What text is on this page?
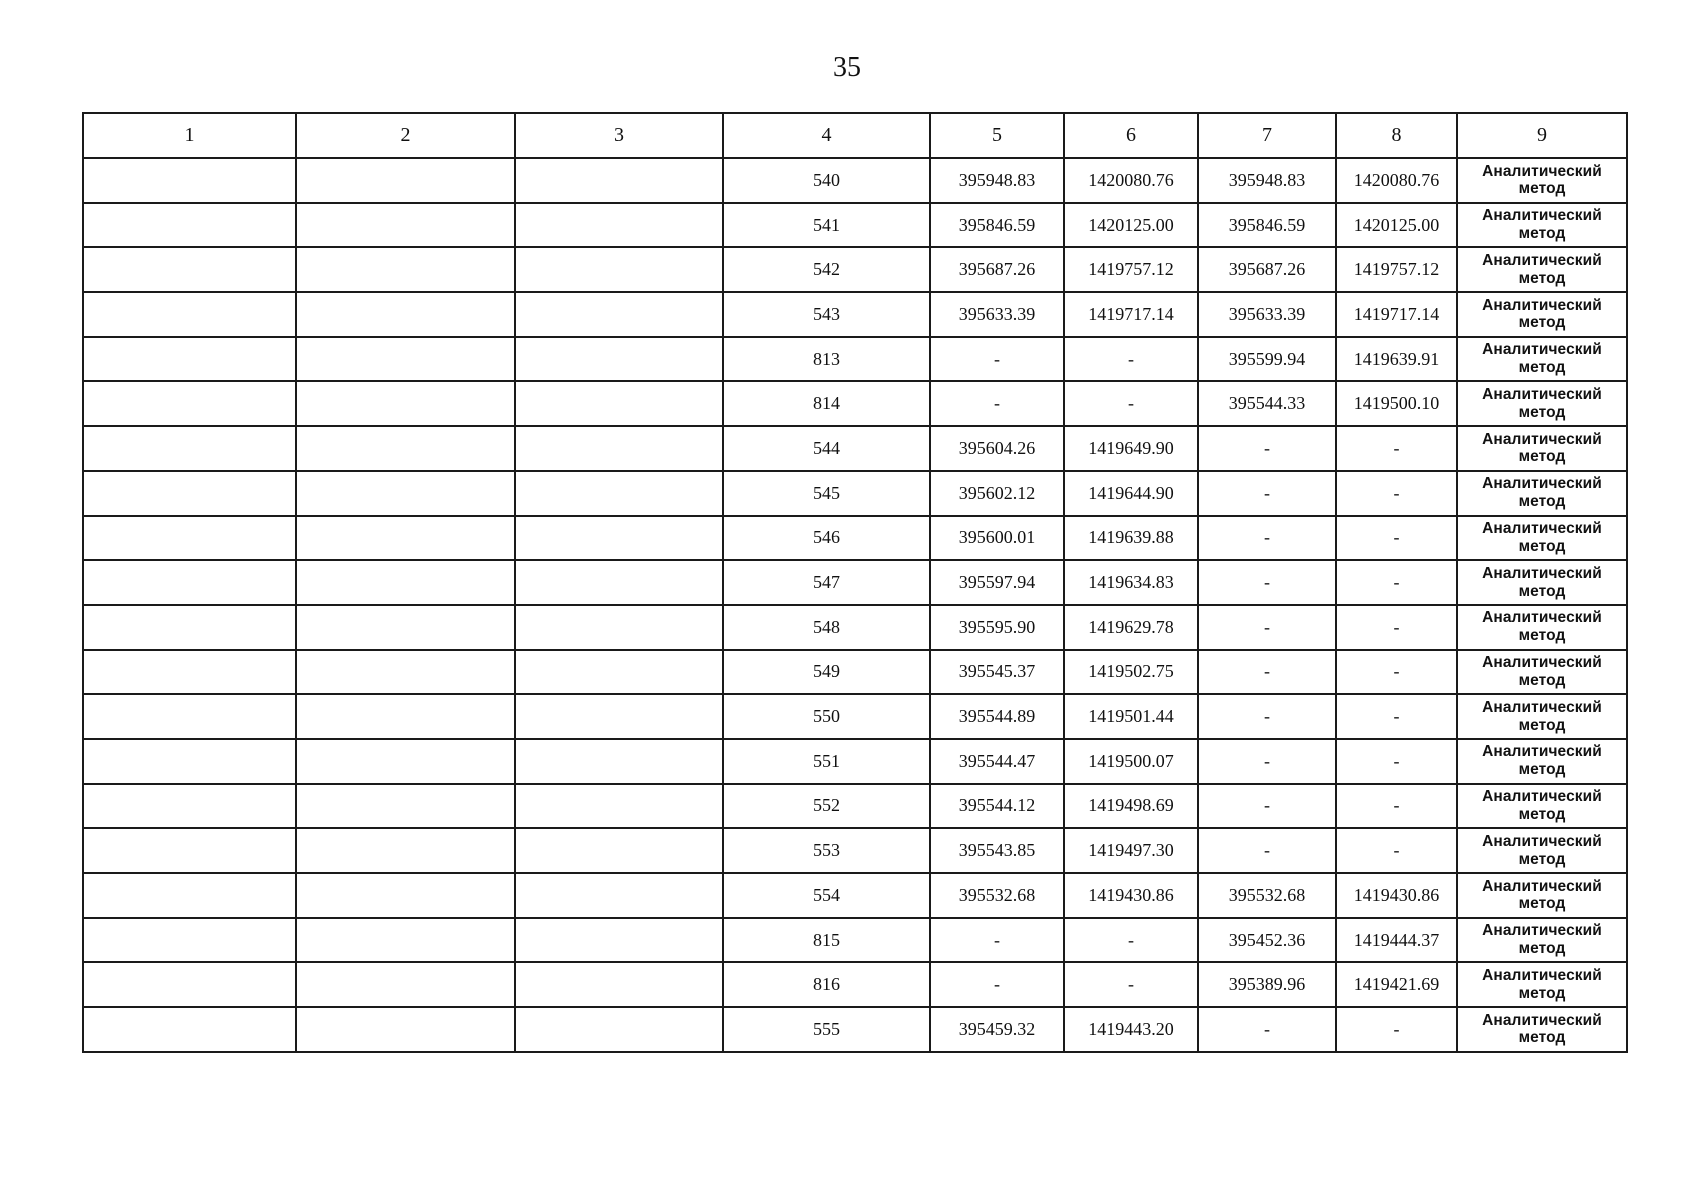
35
1	2	3	4	5	6	7	8	9
			540	395948.83	1420080.76	395948.83	1420080.76	Аналитический метод
			541	395846.59	1420125.00	395846.59	1420125.00	Аналитический метод
			542	395687.26	1419757.12	395687.26	1419757.12	Аналитический метод
			543	395633.39	1419717.14	395633.39	1419717.14	Аналитический метод
			813	-	-	395599.94	1419639.91	Аналитический метод
			814	-	-	395544.33	1419500.10	Аналитический метод
			544	395604.26	1419649.90	-	-	Аналитический метод
			545	395602.12	1419644.90	-	-	Аналитический метод
			546	395600.01	1419639.88	-	-	Аналитический метод
			547	395597.94	1419634.83	-	-	Аналитический метод
			548	395595.90	1419629.78	-	-	Аналитический метод
			549	395545.37	1419502.75	-	-	Аналитический метод
			550	395544.89	1419501.44	-	-	Аналитический метод
			551	395544.47	1419500.07	-	-	Аналитический метод
			552	395544.12	1419498.69	-	-	Аналитический метод
			553	395543.85	1419497.30	-	-	Аналитический метод
			554	395532.68	1419430.86	395532.68	1419430.86	Аналитический метод
			815	-	-	395452.36	1419444.37	Аналитический метод
			816	-	-	395389.96	1419421.69	Аналитический метод
			555	395459.32	1419443.20	-	-	Аналитический метод
